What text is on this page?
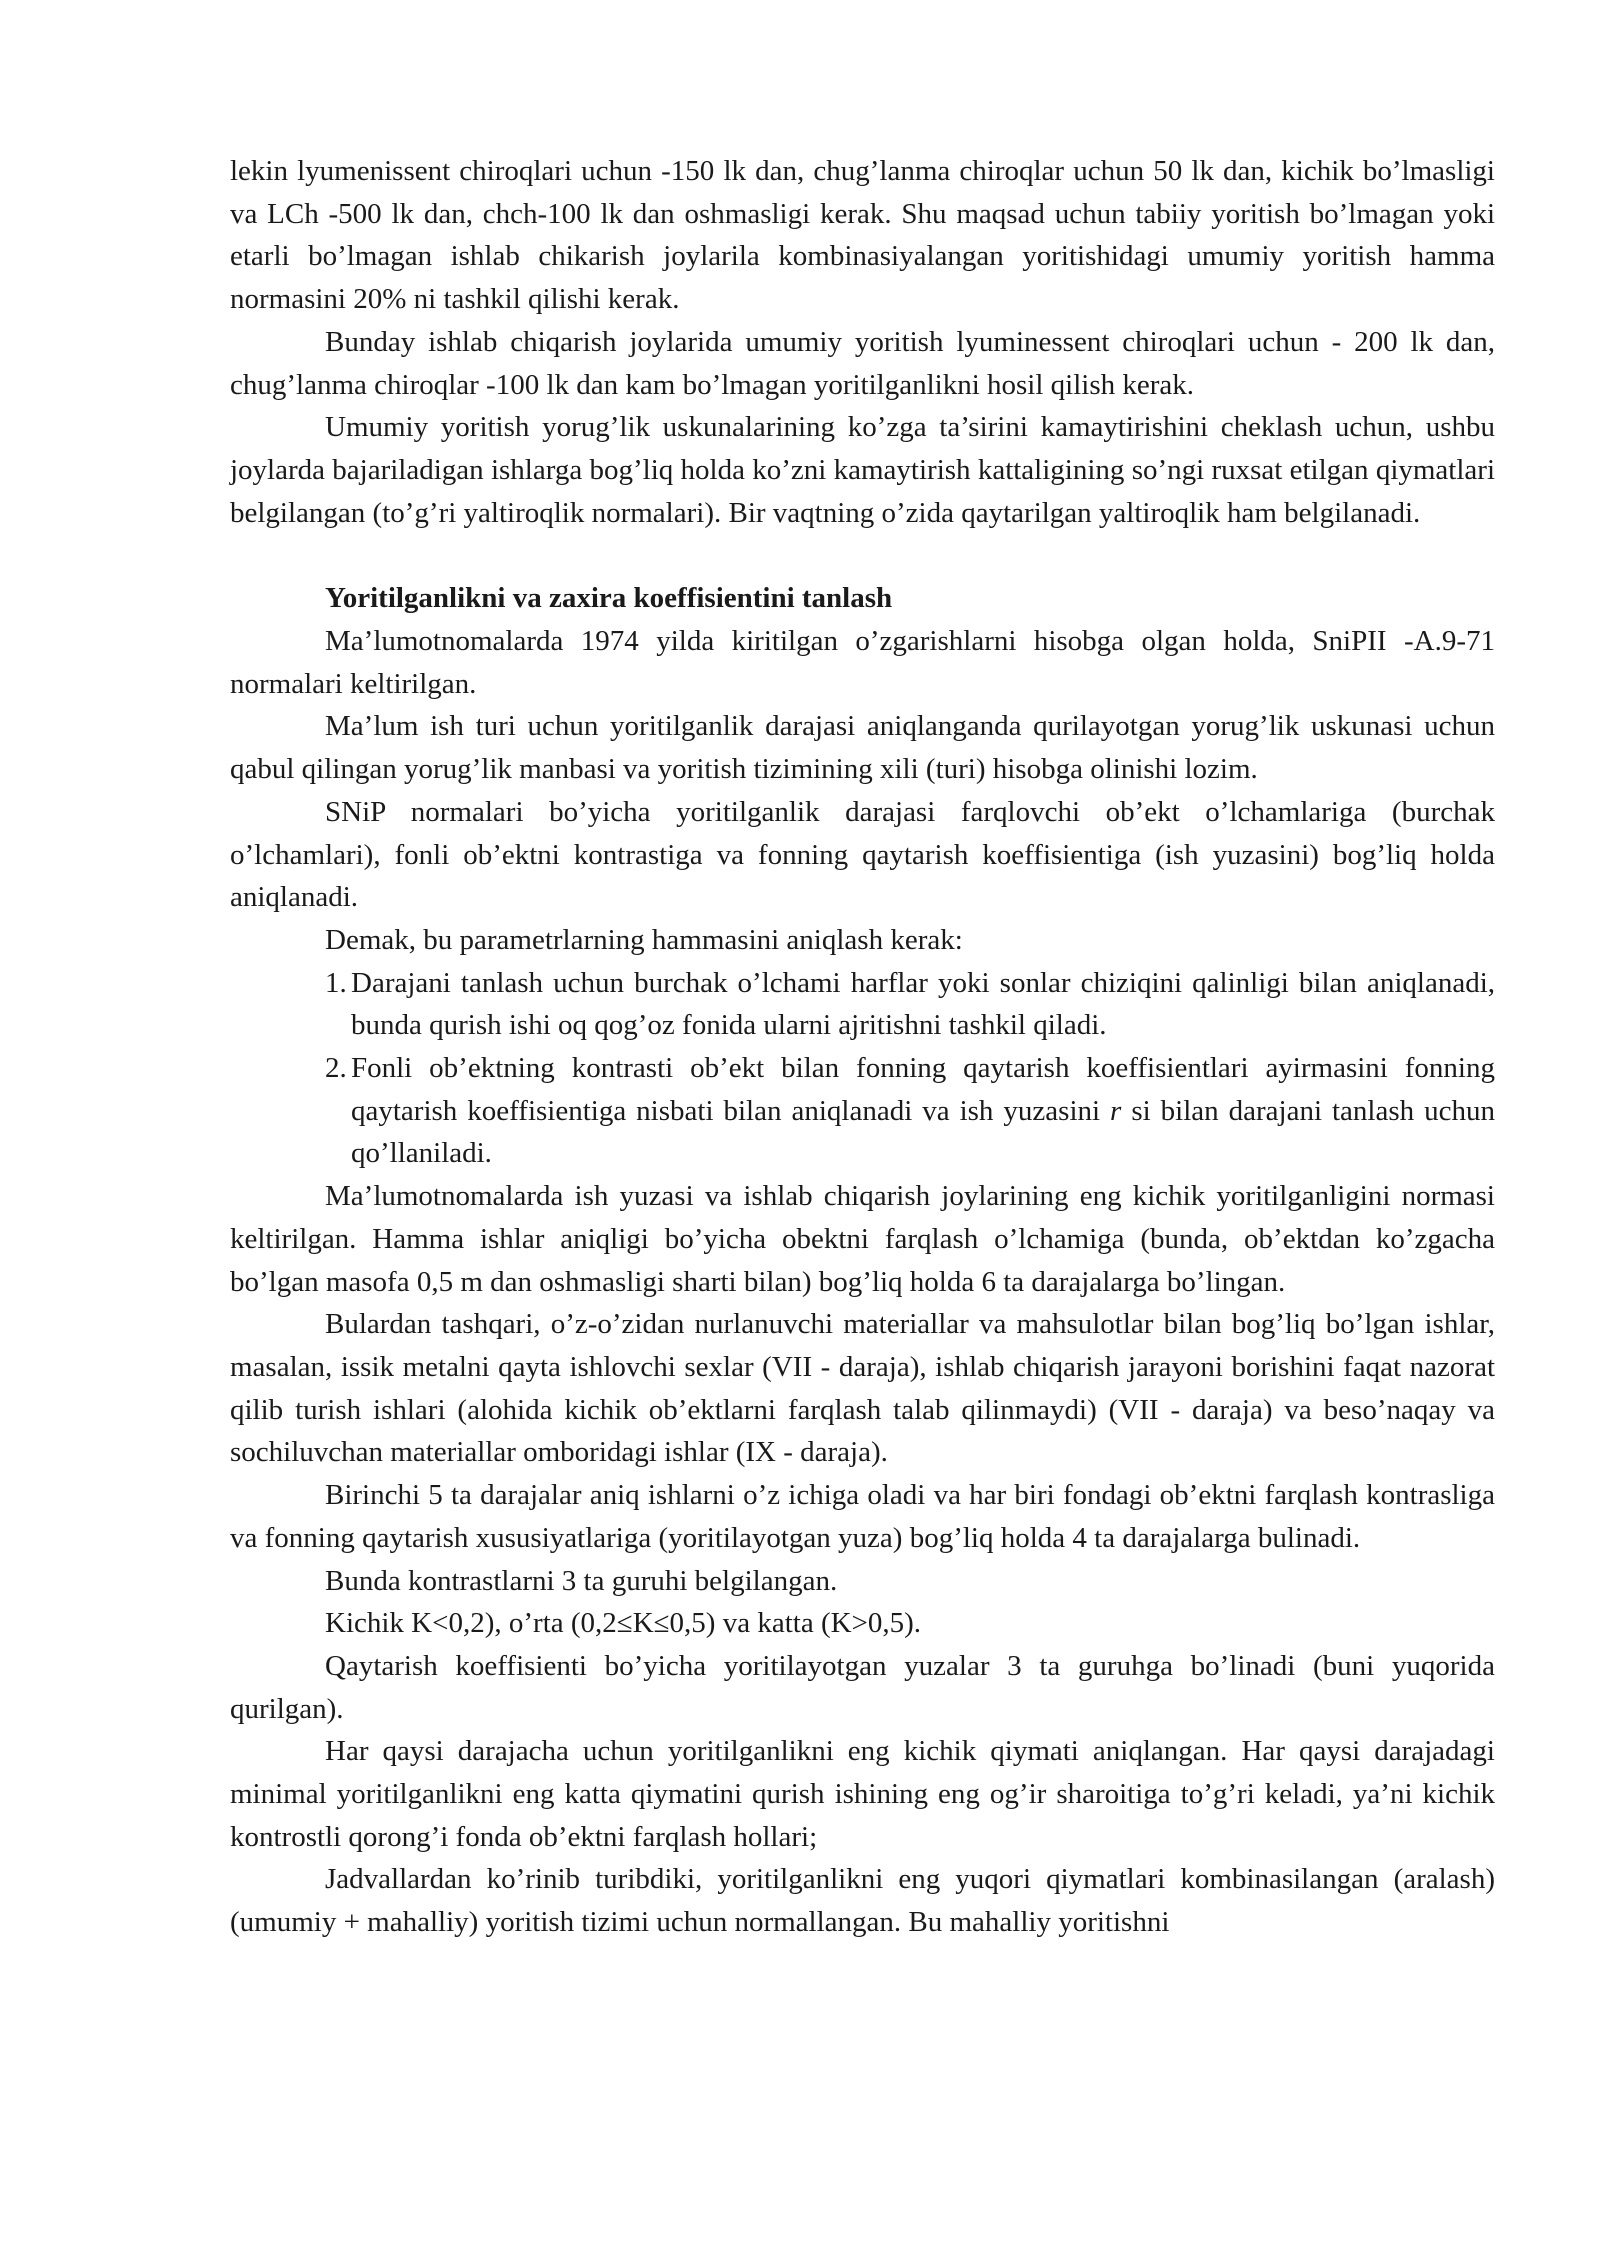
lekin lyumenissent chiroqlari uchun -150 lk dan, chug’lanma chiroqlar uchun 50 lk dan, kichik bo’lmasligi va LCh -500 lk dan, chch-100 lk dan oshmasligi kerak. Shu maqsad uchun tabiiy yoritish bo’lmagan yoki etarli bo’lmagan ishlab chikarish joylarila kombinasiyalangan yoritishidagi umumiy yoritish hamma normasini 20% ni tashkil qilishi kerak.

Bunday ishlab chiqarish joylarida umumiy yoritish lyuminessent chiroqlari uchun - 200 lk dan, chug’lanma chiroqlar -100 lk dan kam bo’lmagan yoritilganlikni hosil qilish kerak.

Umumiy yoritish yorug’lik uskunalarining ko’zga ta’sirini kamaytirishini cheklash uchun, ushbu joylarda bajariladigan ishlarga bog’liq holda ko’zni kamaytirish kattaligining so’ngi ruxsat etilgan qiymatlari belgilangan (to’g’ri yaltiroqlik normalari). Bir vaqtning o’zida qaytarilgan yaltiroqlik ham belgilanadi.

Yoritilganlikni va zaxira koeffisientini tanlash

Ma’lumotnomalarda 1974 yilda kiritilgan o’zgarishlarni hisobga olgan holda, SniPII -A.9-71 normalari keltirilgan.

Ma’lum ish turi uchun yoritilganlik darajasi aniqlanganda qurilayotgan yorug’lik uskunasi uchun qabul qilingan yorug’lik manbasi va yoritish tizimining xili (turi) hisobga olinishi lozim.

SNiP normalari bo’yicha yoritilganlik darajasi farqlovchi ob’ekt o’lchamlariga (burchak o’lchamlari), fonli ob’ektni kontrastiga va fonning qaytarish koeffisientiga (ish yuzasini) bog’liq holda aniqlanadi.

Demak, bu parametrlarning hammasini aniqlash kerak:

1. Darajani tanlash uchun burchak o’lchami harflar yoki sonlar chiziqini qalinligi bilan aniqlanadi, bunda qurish ishi oq qog’oz fonida ularni ajritishni tashkil qiladi.
2. Fonli ob’ektning kontrasti ob’ekt bilan fonning qaytarish koeffisientlari ayirmasini fonning qaytarish koeffisientiga nisbati bilan aniqlanadi va ish yuzasini r si bilan darajani tanlash uchun qo’llaniladi.

Ma’lumotnomalarda ish yuzasi va ishlab chiqarish joylarining eng kichik yoritilganligini normasi keltirilgan. Hamma ishlar aniqligi bo’yicha obektni farqlash o’lchamiga (bunda, ob’ektdan ko’zgacha bo’lgan masofa 0,5 m dan oshmasligi sharti bilan) bog’liq holda 6 ta darajalarga bo’lingan.

Bulardan tashqari, o’z-o’zidan nurlanuvchi materiallar va mahsulotlar bilan bog’liq bo’lgan ishlar, masalan, issik metalni qayta ishlovchi sexlar (VII - daraja), ishlab chiqarish jarayoni borishini faqat nazorat qilib turish ishlari (alohida kichik ob’ektlarni farqlash talab qilinmaydi) (VII - daraja) va beso’naqay va sochiluvchan materiallar omboridagi ishlar (IX - daraja).

Birinchi 5 ta darajalar aniq ishlarni o’z ichiga oladi va har biri fondagi ob’ektni farqlash kontrasliga va fonning qaytarish xususiyatlariga (yoritilayotgan yuza) bog’liq holda 4 ta darajalarga bulinadi.

Bunda kontrastlarni 3 ta guruhi belgilangan.

Kichik K<0,2), o’rta (0,2≤K≤0,5) va katta (K>0,5).

Qaytarish koeffisienti bo’yicha yoritilayotgan yuzalar 3 ta guruhga bo’linadi (buni yuqorida qurilgan).

Har qaysi darajacha uchun yoritilganlikni eng kichik qiymati aniqlangan. Har qaysi darajadagi minimal yoritilganlikni eng katta qiymatini qurish ishining eng og’ir sharoitiga to’g’ri keladi, ya’ni kichik kontrostli qorong’i fonda ob’ektni farqlash hollari;

Jadvallardan ko’rinib turibdiki, yoritilganlikni eng yuqori qiymatlari kombinasilangan (aralash) (umumiy + mahalliy) yoritish tizimi uchun normallangan. Bu mahalliy yoritishni
